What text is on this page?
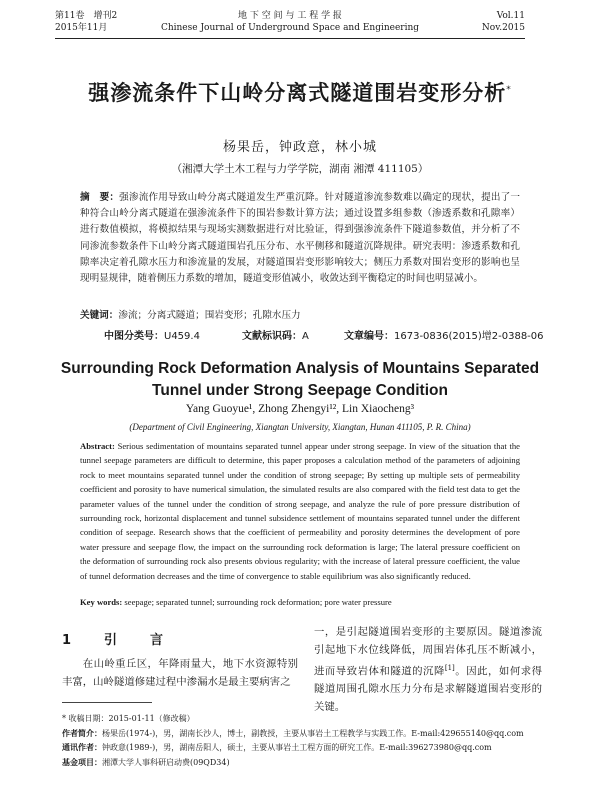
第11卷　增刊2
2015年11月
地 下 空 间 与 工 程 学 报
Chinese Journal of Underground Space and Engineering
Vol.11
Nov.2015
强渗流条件下山岭分离式隧道围岩变形分析*
杨果岳，钟政意，林小城
（湘潭大学土木工程与力学学院，湖南 湘潭 411105）
摘　要：强渗流作用导致山岭分离式隧道发生严重沉降。针对隧道渗流参数难以确定的现状，提出了一种符合山岭分离式隧道在强渗流条件下的围岩参数计算方法；通过设置多组参数（渗透系数和孔隙率）进行数值模拟，将模拟结果与现场实测数据进行对比验证，得到强渗流条件下隧道参数值，并分析了不同渗流参数条件下山岭分离式隧道围岩孔压分布、水平侧移和隧道沉降规律。研究表明：渗透系数和孔隙率决定着孔隙水压力和渗流量的发展，对隧道围岩变形影响较大；侧压力系数对围岩变形的影响也呈现明显规律，随着侧压力系数的增加，隧道变形值减小，收敛达到平衡稳定的时间也明显减小。
关键词：渗流；分离式隧道；围岩变形；孔隙水压力
中图分类号：U459.4	文献标识码：A	文章编号：1673-0836(2015)增2-0388-06
Surrounding Rock Deformation Analysis of Mountains Separated
Tunnel under Strong Seepage Condition
Yang Guoyue¹, Zhong Zhengyi¹², Lin Xiaocheng³
(Department of Civil Engineering, Xiangtan University, Xiangtan, Hunan 411105, P. R. China)
Abstract: Serious sedimentation of mountains separated tunnel appear under strong seepage. In view of the situation that the tunnel seepage parameters are difficult to determine, this paper proposes a calculation method of the parameters of adjoining rock to meet mountains separated tunnel under the condition of strong seepage; By setting up multiple sets of permeability coefficient and porosity to have numerical simulation, the simulated results are also compared with the field test data to get the parameter values of the tunnel under the condition of strong seepage, and analyze the rule of pore pressure distribution of surrounding rock, horizontal displacement and tunnel subsidence settlement of mountains separated tunnel under the different condition of seepage. Research shows that the coefficient of permeability and porosity determines the development of pore water pressure and seepage flow, the impact on the surrounding rock deformation is large; The lateral pressure coefficient on the deformation of surrounding rock also presents obvious regularity; with the increase of lateral pressure coefficient, the value of tunnel deformation decreases and the time of convergence to stable equilibrium was also significantly reduced.
Key words: seepage; separated tunnel; surrounding rock deformation; pore water pressure
1　引　言
在山岭重丘区，年降雨量大，地下水资源特别丰富，山岭隧道修建过程中渗漏水是最主要病害之
一，是引起隧道围岩变形的主要原因。隧道渗流引起地下水位线降低，周围岩体孔压不断减小，进而导致岩体和隧道的沉降[1]。因此，如何求得隧道周围孔隙水压力分布是求解隧道围岩变形的关键。
* 收稿日期：2015-01-11（修改稿）
作者简介：杨果岳(1974-)，男，湖南长沙人，博士，副教授，主要从事岩土工程教学与实践工作。E-mail:429655140@qq.com
通讯作者：钟政意(1989-)，男，湖南岳阳人，硕士，主要从事岩土工程方面的研究工作。E-mail:396273980@qq.com
基金项目：湘潭大学人事科研启动费(09QD34)
